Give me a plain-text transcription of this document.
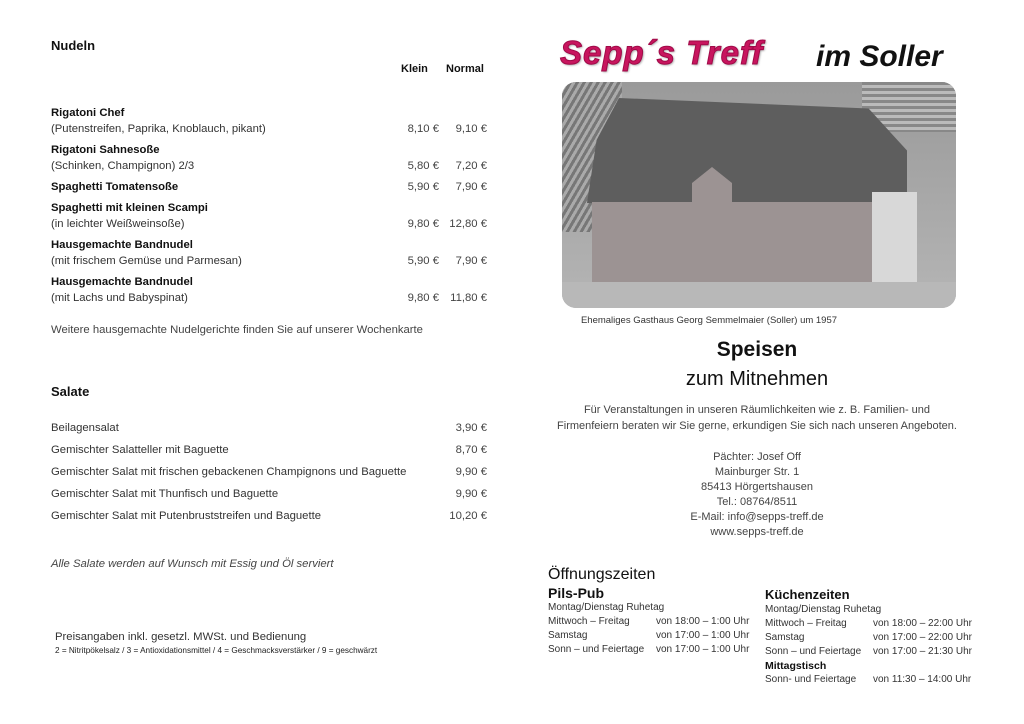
Nudeln
Klein Normal
Rigatoni Chef
(Putenstreifen, Paprika, Knoblauch, pikant)	8,10 € 9,10 €
Rigatoni Sahnesoße
(Schinken, Champignon) 2/3	5,80 € 7,20 €
Spaghetti Tomatensoße	5,90 € 7,90 €
Spaghetti mit kleinen Scampi
(in leichter Weißweinsoße)	9,80 € 12,80 €
Hausgemachte Bandnudel
(mit frischem Gemüse und Parmesan)	5,90 € 7,90 €
Hausgemachte Bandnudel
(mit Lachs und Babyspinat)	9,80 € 11,80 €
Weitere hausgemachte Nudelgerichte finden Sie auf unserer Wochenkarte
Salate
Beilagensalat	3,90 €
Gemischter Salatteller mit Baguette	8,70 €
Gemischter Salat mit frischen gebackenen Champignons und Baguette	9,90 €
Gemischter Salat mit Thunfisch und Baguette	9,90 €
Gemischter Salat mit Putenbruststreifen und Baguette	10,20 €
Alle Salate werden auf Wunsch mit Essig und Öl serviert
Preisangaben inkl. gesetzl. MWSt. und Bedienung
2 = Nitritpökelsalz / 3 = Antioxidationsmittel / 4 = Geschmacksverstärker / 9 = geschwärzt
Sepp´s Treff im Soller
Ehemaliges Gasthaus Georg Semmelmaier (Soller) um 1957
Speisen
zum Mitnehmen
Für Veranstaltungen in unseren Räumlichkeiten wie z. B. Familien- und
Firmenfeiern beraten wir Sie gerne, erkundigen Sie sich nach unseren Angeboten.
Pächter: Josef Off
Mainburger Str. 1
85413 Hörgertshausen
Tel.: 08764/8511
E-Mail: info@sepps-treff.de
www.sepps-treff.de
Öffnungszeiten
Pils-Pub
Montag/Dienstag Ruhetag
Mittwoch – Freitag	von 18:00 – 1:00 Uhr
Samstag	von 17:00 – 1:00 Uhr
Sonn – und Feiertage	von 17:00 – 1:00 Uhr
Küchenzeiten
Montag/Dienstag Ruhetag
Mittwoch – Freitag	von 18:00 – 22:00 Uhr
Samstag	von 17:00 – 22:00 Uhr
Sonn – und Feiertage	von 17:00 – 21:30 Uhr
Mittagstisch
Sonn- und Feiertage	von 11:30 – 14:00 Uhr
